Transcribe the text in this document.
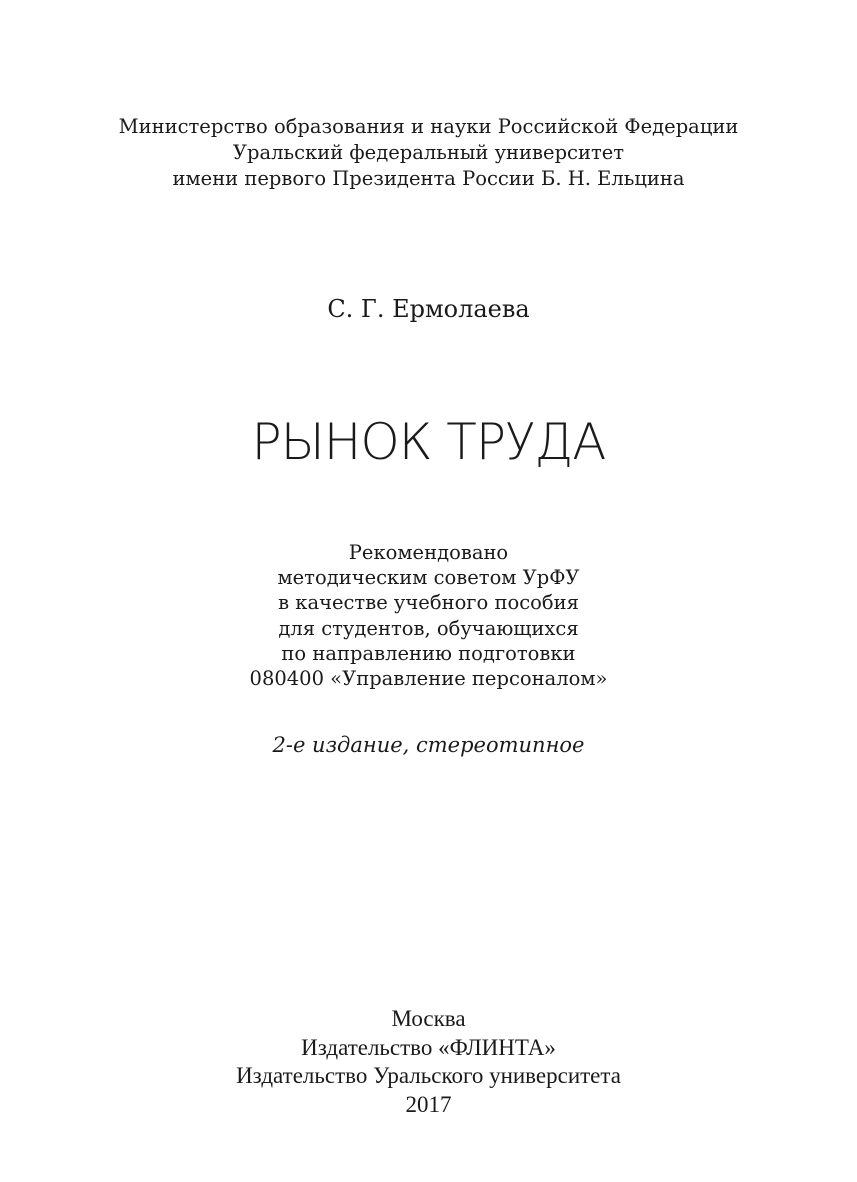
Министерство образования и науки Российской Федерации
Уральский федеральный университет
имени первого Президента России Б. Н. Ельцина
С. Г. Ермолаева
РЫНОК ТРУДА
Рекомендовано
методическим советом УрФУ
в качестве учебного пособия
для студентов, обучающихся
по направлению подготовки
080400 «Управление персоналом»
2-е издание, стереотипное
Москва
Издательство «ФЛИНТА»
Издательство Уральского университета
2017
